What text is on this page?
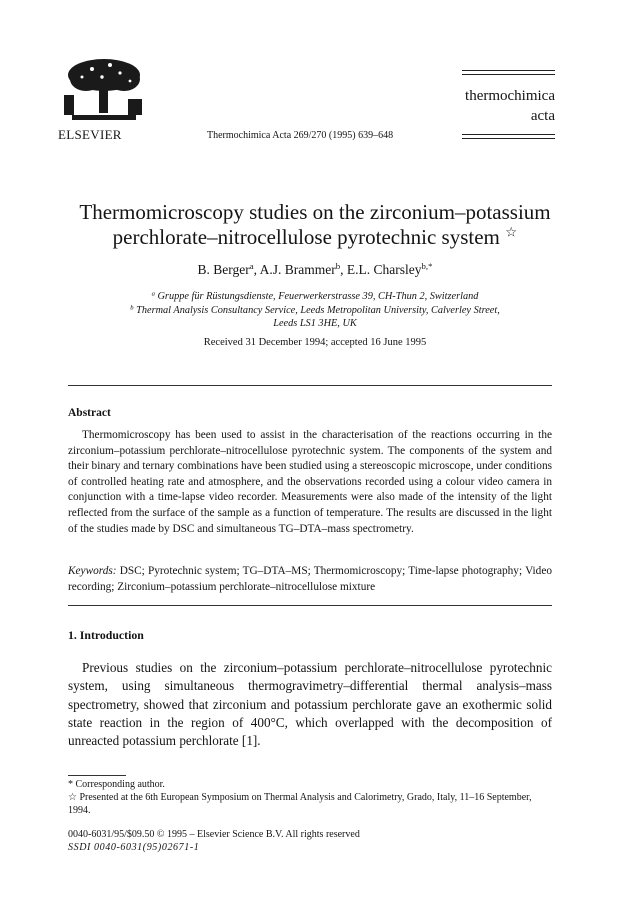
ELSEVIER	Thermochimica Acta 269/270 (1995) 639–648
thermochimica
acta
Thermomicroscopy studies on the zirconium–potassium
perchlorate–nitrocellulose pyrotechnic system ☆
B. Berger$^a$, A.J. Brammer$^b$, E.L. Charsley$^{b,*}$
$^a$ Gruppe für Rüstungsdienste, Feuerwerkerstrasse 39, CH-Thun 2, Switzerland
$^b$ Thermal Analysis Consultancy Service, Leeds Metropolitan University, Calverley Street,
Leeds LS1 3HE, UK
Received 31 December 1994; accepted 16 June 1995
Abstract

Thermomicroscopy has been used to assist in the characterisation of the reactions occurring in the zirconium–potassium perchlorate–nitrocellulose pyrotechnic system. The components of the system and their binary and ternary combinations have been studied using a stereoscopic microscope, under conditions of controlled heating rate and atmosphere, and the observations recorded using a colour video camera in conjunction with a time-lapse video recorder. Measurements were also made of the intensity of the light reflected from the surface of the sample as a function of temperature. The results are discussed in the light of the studies made by DSC and simultaneous TG–DTA–mass spectrometry.

Keywords: DSC; Pyrotechnic system; TG–DTA–MS; Thermomicroscopy; Time-lapse photography; Video recording; Zirconium–potassium perchlorate–nitrocellulose mixture
1. Introduction

Previous studies on the zirconium–potassium perchlorate–nitrocellulose pyrotechnic system, using simultaneous thermogravimetry–differential thermal analysis–mass spectrometry, showed that zirconium and potassium perchlorate gave an exothermic solid state reaction in the region of 400°C, which overlapped with the decomposition of unreacted potassium perchlorate [1].

* Corresponding author.
☆ Presented at the 6th European Symposium on Thermal Analysis and Calorimetry, Grado, Italy, 11–16 September, 1994.
0040-6031/95/$09.50 © 1995 – Elsevier Science B.V. All rights reserved
SSDI 0040-6031(95)02671-1
